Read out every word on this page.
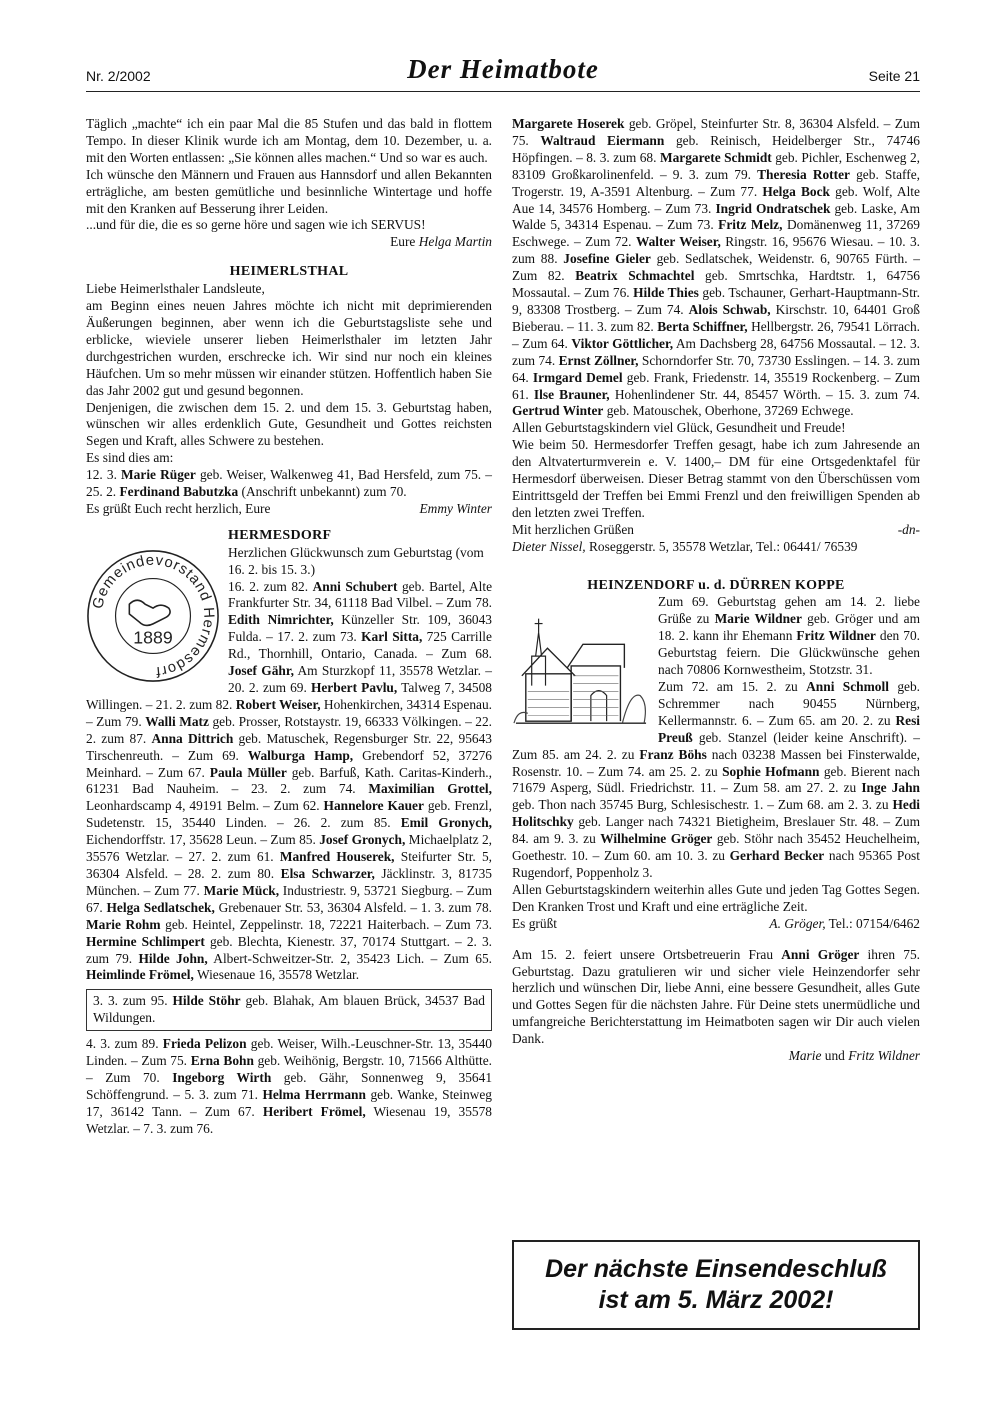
Nr. 2/2002	Der Heimatbote	Seite 21

Täglich „machte“ ich ein paar Mal die 85 Stufen und das bald in flottem Tempo. In dieser Klinik wurde ich am Montag, dem 10. Dezember, u. a. mit den Worten entlassen: „Sie können alles machen.“ Und so war es auch.

Ich wünsche den Männern und Frauen aus Hannsdorf und allen Bekannten erträgliche, am besten gemütliche und besinnliche Wintertage und hoffe mit den Kranken auf Besserung ihrer Leiden.

...und für die, die es so gerne höre und sagen wie ich SERVUS!

Eure Helga Martin

HEIMERLSTHAL

Liebe Heimerlsthaler Landsleute,

am Beginn eines neuen Jahres möchte ich nicht mit deprimierenden Äußerungen beginnen, aber wenn ich die Geburtstagsliste sehe und erblicke, wieviele unserer lieben Heimerlsthaler im letzten Jahr durchgestrichen wurden, erschrecke ich. Wir sind nur noch ein kleines Häufchen. Um so mehr müssen wir einander stützen. Hoffentlich haben Sie das Jahr 2002 gut und gesund begonnen.

Denjenigen, die zwischen dem 15. 2. und dem 15. 3. Geburtstag haben, wünschen wir alles erdenklich Gute, Gesundheit und Gottes reichsten Segen und Kraft, alles Schwere zu bestehen.

Es sind dies am:

12. 3. Marie Rüger geb. Weiser, Walkenweg 41, Bad Hersfeld, zum 75. – 25. 2. Ferdinand Babutzka (Anschrift unbekannt) zum 70.

Es grüßt Euch recht herzlich, Eure	Emmy Winter

HERMESDORF
Gemeindevorstand Hermesdorf
1889

Herzlichen Glückwunsch zum Geburtstag (vom 16. 2. bis 15. 3.)

16. 2. zum 82. Anni Schubert geb. Bartel, Alte Frankfurter Str. 34, 61118 Bad Vilbel. – Zum 78. Edith Nimrichter, Künzeller Str. 109, 36043 Fulda. – 17. 2. zum 73. Karl Sitta, 725 Carrille Rd., Thornhill, Ontario, Canada. – Zum 68. Josef Gähr, Am Sturzkopf 11, 35578 Wetzlar. – 20. 2. zum 69. Herbert Pavlu, Talweg 7, 34508 Willingen. – 21. 2. zum 82. Robert Weiser, Hohenkirchen, 34314 Espenau. – Zum 79. Walli Matz geb. Prosser, Rotstaystr. 19, 66333 Völkingen. – 22. 2. zum 87. Anna Dittrich geb. Matuschek, Regensburger Str. 22, 95643 Tirschenreuth. – Zum 69. Walburga Hamp, Grebendorf 52, 37276 Meinhard. – Zum 67. Paula Müller geb. Barfuß, Kath. Caritas-Kinderh., 61231 Bad Nauheim. – 23. 2. zum 74. Maximilian Grottel, Leonhardscamp 4, 49191 Belm. – Zum 62. Hannelore Kauer geb. Frenzl, Sudetenstr. 15, 35440 Linden. – 26. 2. zum 85. Emil Gronych, Eichendorffstr. 17, 35628 Leun. – Zum 85. Josef Gronych, Michaelplatz 2, 35576 Wetzlar. – 27. 2. zum 61. Manfred Houserek, Steifurter Str. 5, 36304 Alsfeld. – 28. 2. zum 80. Elsa Schwarzer, Jäcklinstr. 3, 81735 München. – Zum 77. Marie Mück, Industriestr. 9, 53721 Siegburg. – Zum 67. Helga Sedlatschek, Grebenauer Str. 53, 36304 Alsfeld. – 1. 3. zum 78. Marie Rohm geb. Heintel, Zeppelinstr. 18, 72221 Haiterbach. – Zum 73. Hermine Schlimpert geb. Blechta, Kienestr. 37, 70174 Stuttgart. – 2. 3. zum 79. Hilde John, Albert-Schweitzer-Str. 2, 35423 Lich. – Zum 65. Heimlinde Frömel, Wiesenaue 16, 35578 Wetzlar.

3. 3. zum 95. Hilde Stöhr geb. Blahak, Am blauen Brück, 34537 Bad Wildungen.

4. 3. zum 89. Frieda Pelizon geb. Weiser, Wilh.-Leuschner-Str. 13, 35440 Linden. – Zum 75. Erna Bohn geb. Weihönig, Bergstr. 10, 71566 Althütte. – Zum 70. Ingeborg Wirth geb. Gähr, Sonnenweg 9, 35641 Schöffengrund. – 5. 3. zum 71. Helma Herrmann geb. Wanke, Steinweg 17, 36142 Tann. – Zum 67. Heribert Frömel, Wiesenau 19, 35578 Wetzlar. – 7. 3. zum 76.

Margarete Hoserek geb. Gröpel, Steinfurter Str. 8, 36304 Alsfeld. – Zum 75. Waltraud Eiermann geb. Reinisch, Heidelberger Str., 74746 Höpfingen. – 8. 3. zum 68. Margarete Schmidt geb. Pichler, Eschenweg 2, 83109 Großkarolinenfeld. – 9. 3. zum 79. Theresia Rotter geb. Staffe, Trogerstr. 19, A-3591 Altenburg. – Zum 77. Helga Bock geb. Wolf, Alte Aue 14, 34576 Homberg. – Zum 73. Ingrid Ondratschek geb. Laske, Am Walde 5, 34314 Espenau. – Zum 73. Fritz Melz, Domänenweg 11, 37269 Eschwege. – Zum 72. Walter Weiser, Ringstr. 16, 95676 Wiesau. – 10. 3. zum 88. Josefine Gieler geb. Sedlatschek, Weidenstr. 6, 90765 Fürth. – Zum 82. Beatrix Schmachtel geb. Smrtschka, Hardtstr. 1, 64756 Mossautal. – Zum 76. Hilde Thies geb. Tschauner, Gerhart-Hauptmann-Str. 9, 83308 Trostberg. – Zum 74. Alois Schwab, Kirschstr. 10, 64401 Groß Bieberau. – 11. 3. zum 82. Berta Schiffner, Hellbergstr. 26, 79541 Lörrach. – Zum 64. Viktor Göttlicher, Am Dachsberg 28, 64756 Mossautal. – 12. 3. zum 74. Ernst Zöllner, Schorndorfer Str. 70, 73730 Esslingen. – 14. 3. zum 64. Irmgard Demel geb. Frank, Friedenstr. 14, 35519 Rockenberg. – Zum 61. Ilse Brauner, Hohenlindener Str. 44, 85457 Wörth. – 15. 3. zum 74. Gertrud Winter geb. Matouschek, Oberhone, 37269 Echwege.

Allen Geburtstagskindern viel Glück, Gesundheit und Freude!

Wie beim 50. Hermesdorfer Treffen gesagt, habe ich zum Jahresende an den Altvaterturmverein e. V. 1400,– DM für eine Ortsgedenktafel für Hermesdorf überweisen. Dieser Betrag stammt von den Überschüssen vom Eintrittsgeld der Treffen bei Emmi Frenzl und den freiwilligen Spenden ab den letzten zwei Treffen.

Mit herzlichen Grüßen	-dn-

Dieter Nissel, Roseggerstr. 5, 35578 Wetzlar, Tel.: 06441/ 76539

HEINZENDORF u. d. DÜRREN KOPPE

Zum 69. Geburtstag gehen am 14. 2. liebe Grüße zu Marie Wildner geb. Gröger und am 18. 2. kann ihr Ehemann Fritz Wildner den 70. Geburtstag feiern. Die Glückwünsche gehen nach 70806 Kornwestheim, Stotzstr. 31.

Zum 72. am 15. 2. zu Anni Schmoll geb. Schremmer nach 90455 Nürnberg, Kellermannstr. 6. – Zum 65. am 20. 2. zu Resi Preuß geb. Stanzel (leider keine Anschrift). – Zum 85. am 24. 2. zu Franz Böhs nach 03238 Massen bei Finsterwalde, Rosenstr. 10. – Zum 74. am 25. 2. zu Sophie Hofmann geb. Bierent nach 71679 Asperg, Südl. Friedrichstr. 11. – Zum 58. am 27. 2. zu Inge Jahn geb. Thon nach 35745 Burg, Schlesischestr. 1. – Zum 68. am 2. 3. zu Hedi Holitschky geb. Langer nach 74321 Bietigheim, Breslauer Str. 48. – Zum 84. am 9. 3. zu Wilhelmine Gröger geb. Stöhr nach 35452 Heuchelheim, Goethestr. 10. – Zum 60. am 10. 3. zu Gerhard Becker nach 95365 Post Rugendorf, Poppenholz 3.

Allen Geburtstagskindern weiterhin alles Gute und jeden Tag Gottes Segen. Den Kranken Trost und Kraft und eine erträgliche Zeit.

Es grüßt	A. Gröger, Tel.: 07154/6462

Am 15. 2. feiert unsere Ortsbetreuerin Frau Anni Gröger ihren 75. Geburtstag. Dazu gratulieren wir und sicher viele Heinzendorfer sehr herzlich und wünschen Dir, liebe Anni, eine bessere Gesundheit, alles Gute und Gottes Segen für die nächsten Jahre. Für Deine stets unermüdliche und umfangreiche Berichterstattung im Heimatboten sagen wir Dir auch vielen Dank.

Marie und Fritz Wildner

Der nächste Einsendeschluß
ist am 5. März 2002!
